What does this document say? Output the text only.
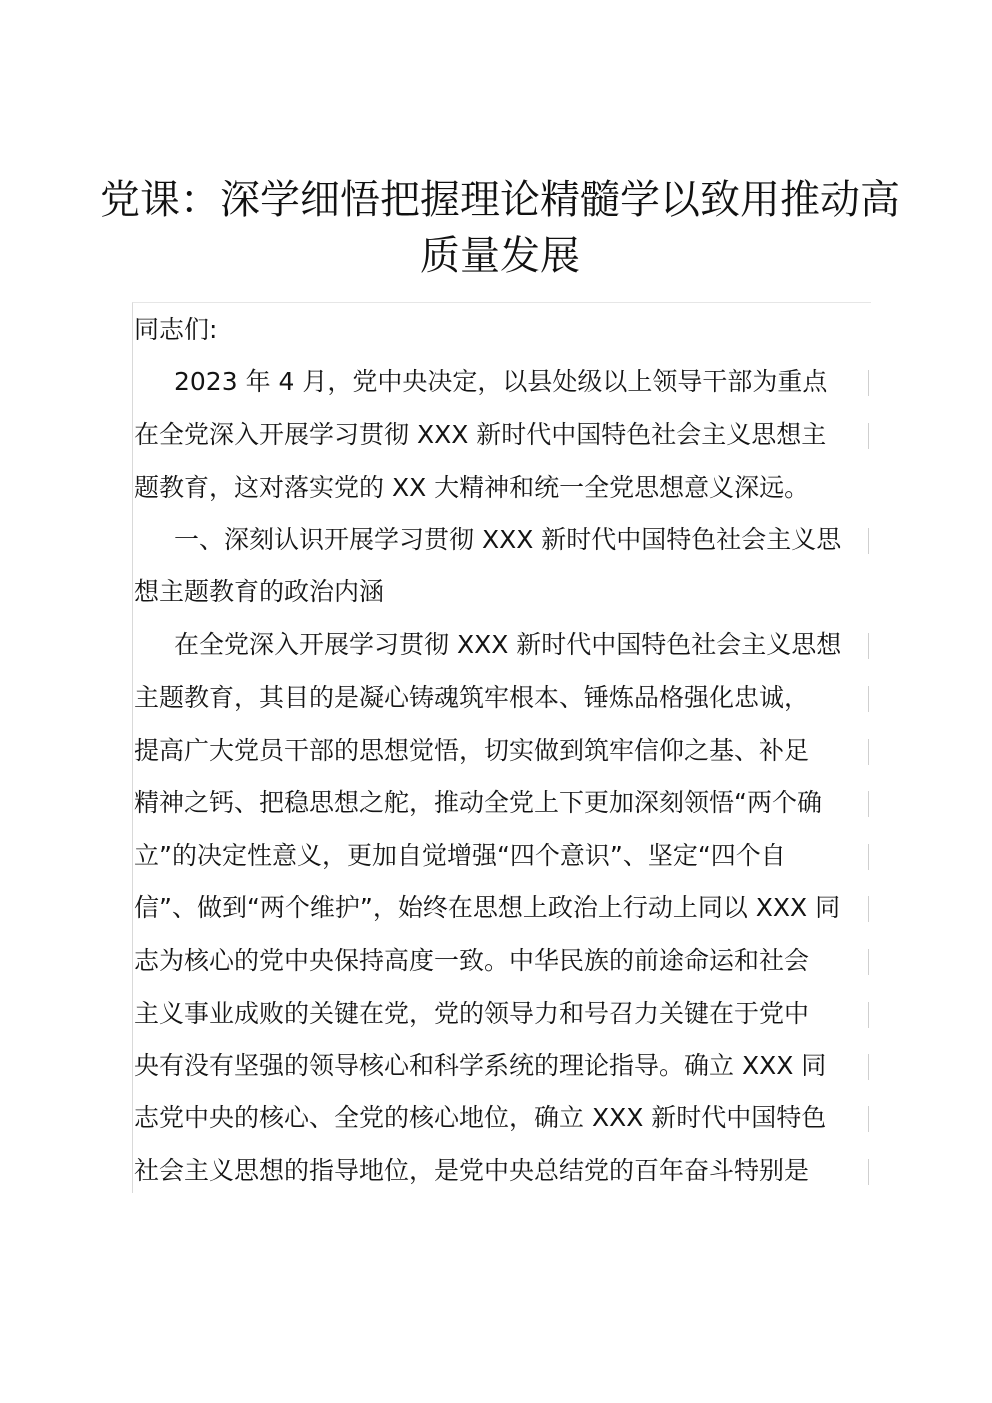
党课：深学细悟把握理论精髓学以致用推动高
质量发展

同志们:

2023 年 4 月，党中央决定，以县处级以上领导干部为重点

在全党深入开展学习贯彻 XXX 新时代中国特色社会主义思想主

题教育，这对落实党的 XX 大精神和统一全党思想意义深远。

一、深刻认识开展学习贯彻 XXX 新时代中国特色社会主义思

想主题教育的政治内涵

在全党深入开展学习贯彻 XXX 新时代中国特色社会主义思想

主题教育，其目的是凝心铸魂筑牢根本、锤炼品格强化忠诚，

提高广大党员干部的思想觉悟，切实做到筑牢信仰之基、补足

精神之钙、把稳思想之舵，推动全党上下更加深刻领悟“两个确

立”的决定性意义，更加自觉增强“四个意识”、坚定“四个自

信”、做到“两个维护”，始终在思想上政治上行动上同以 XXX 同

志为核心的党中央保持高度一致。中华民族的前途命运和社会

主义事业成败的关键在党，党的领导力和号召力关键在于党中

央有没有坚强的领导核心和科学系统的理论指导。确立 XXX 同

志党中央的核心、全党的核心地位，确立 XXX 新时代中国特色

社会主义思想的指导地位，是党中央总结党的百年奋斗特别是
